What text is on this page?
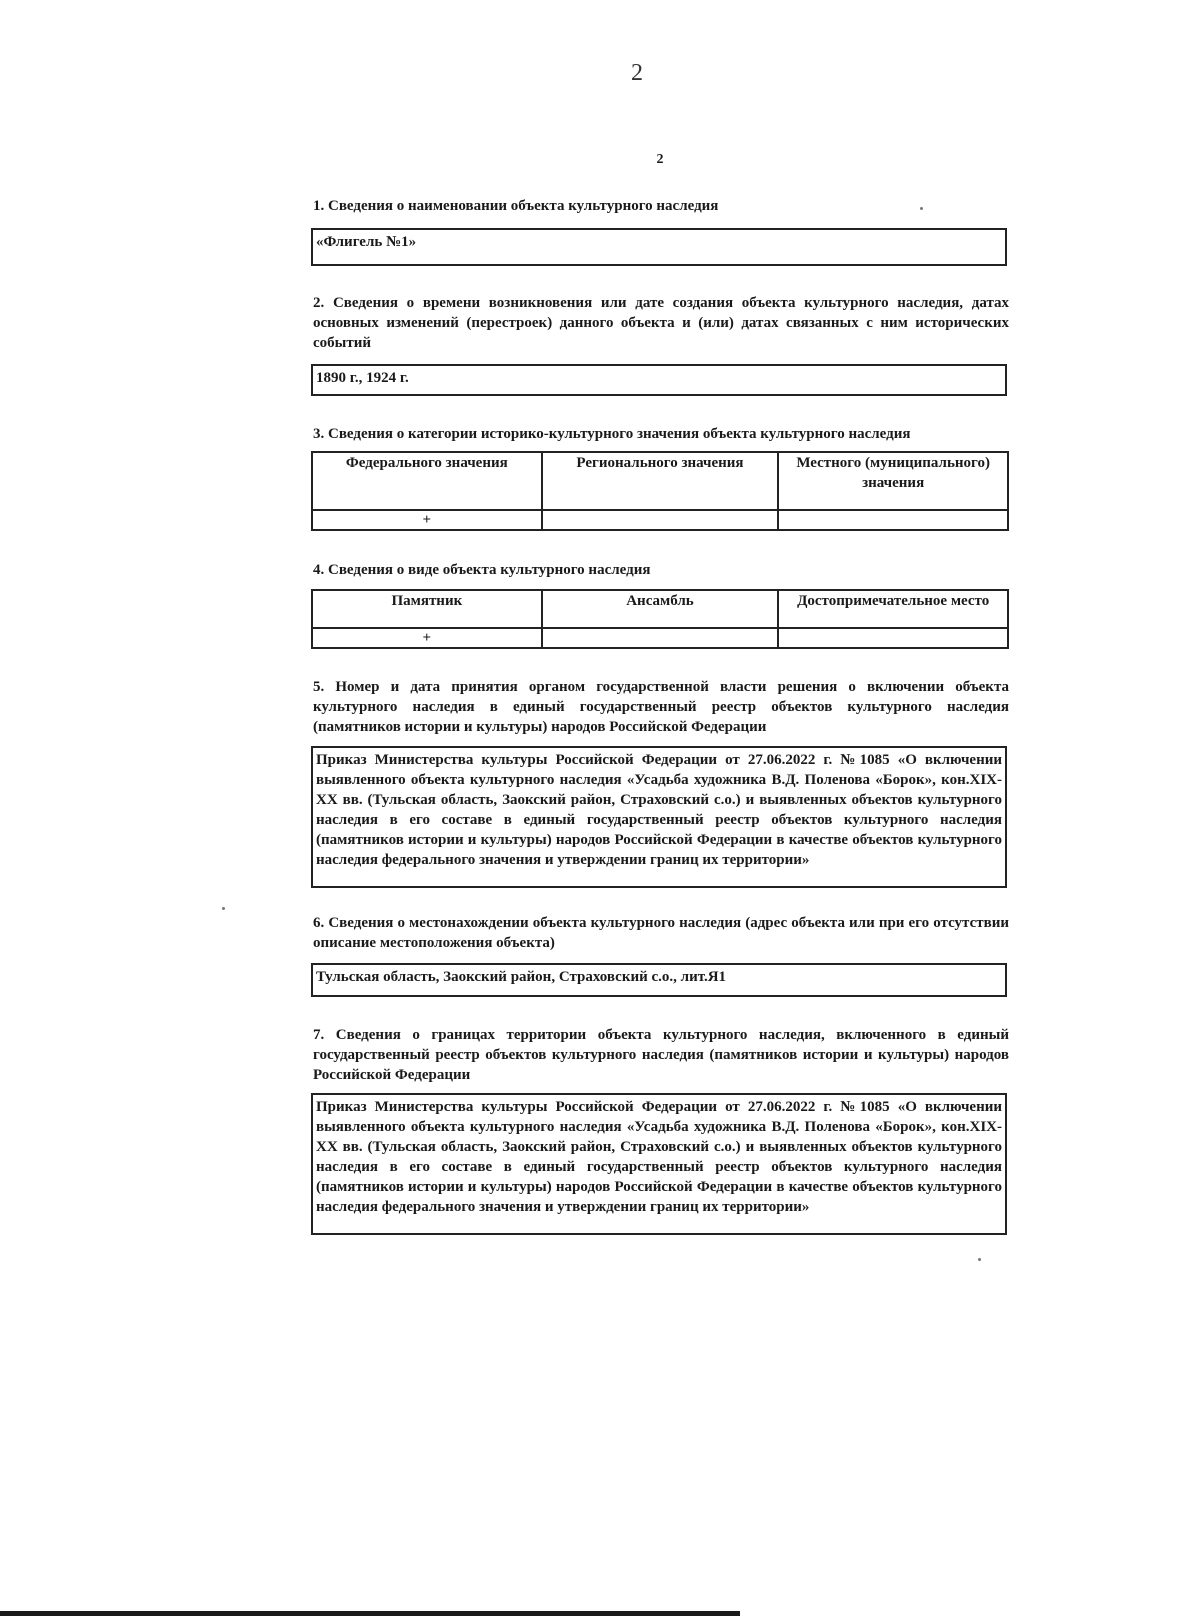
2
2
1. Сведения о наименовании объекта культурного наследия
«Флигель №1»
2. Сведения о времени возникновения или дате создания объекта культурного наследия, датах основных изменений (перестроек) данного объекта и (или) датах связанных с ним исторических событий
1890 г., 1924 г.
3. Сведения о категории историко-культурного значения объекта культурного наследия
Федерального значения	Регионального значения	Местного (муниципального) значения
+		
4. Сведения о виде объекта культурного наследия
Памятник	Ансамбль	Достопримечательное место
+		
5. Номер и дата принятия органом государственной власти решения о включении объекта культурного наследия в единый государственный реестр объектов культурного наследия (памятников истории и культуры) народов Российской Федерации
Приказ Министерства культуры Российской Федерации от 27.06.2022 г. №1085 «О включении выявленного объекта культурного наследия «Усадьба художника В.Д. Поленова «Борок», кон.XIX-XX вв. (Тульская область, Заокский район, Страховский с.о.) и выявленных объектов культурного наследия в его составе в единый государственный реестр объектов культурного наследия (памятников истории и культуры) народов Российской Федерации в качестве объектов культурного наследия федерального значения и утверждении границ их территории»
6. Сведения о местонахождении объекта культурного наследия (адрес объекта или при его отсутствии описание местоположения объекта)
Тульская область, Заокский район, Страховский с.о., лит.Я1
7. Сведения о границах территории объекта культурного наследия, включенного в единый государственный реестр объектов культурного наследия (памятников истории и культуры) народов Российской Федерации
Приказ Министерства культуры Российской Федерации от 27.06.2022 г. №1085 «О включении выявленного объекта культурного наследия «Усадьба художника В.Д. Поленова «Борок», кон.XIX-XX вв. (Тульская область, Заокский район, Страховский с.о.) и выявленных объектов культурного наследия в его составе в единый государственный реестр объектов культурного наследия (памятников истории и культуры) народов Российской Федерации в качестве объектов культурного наследия федерального значения и утверждении границ их территории»
